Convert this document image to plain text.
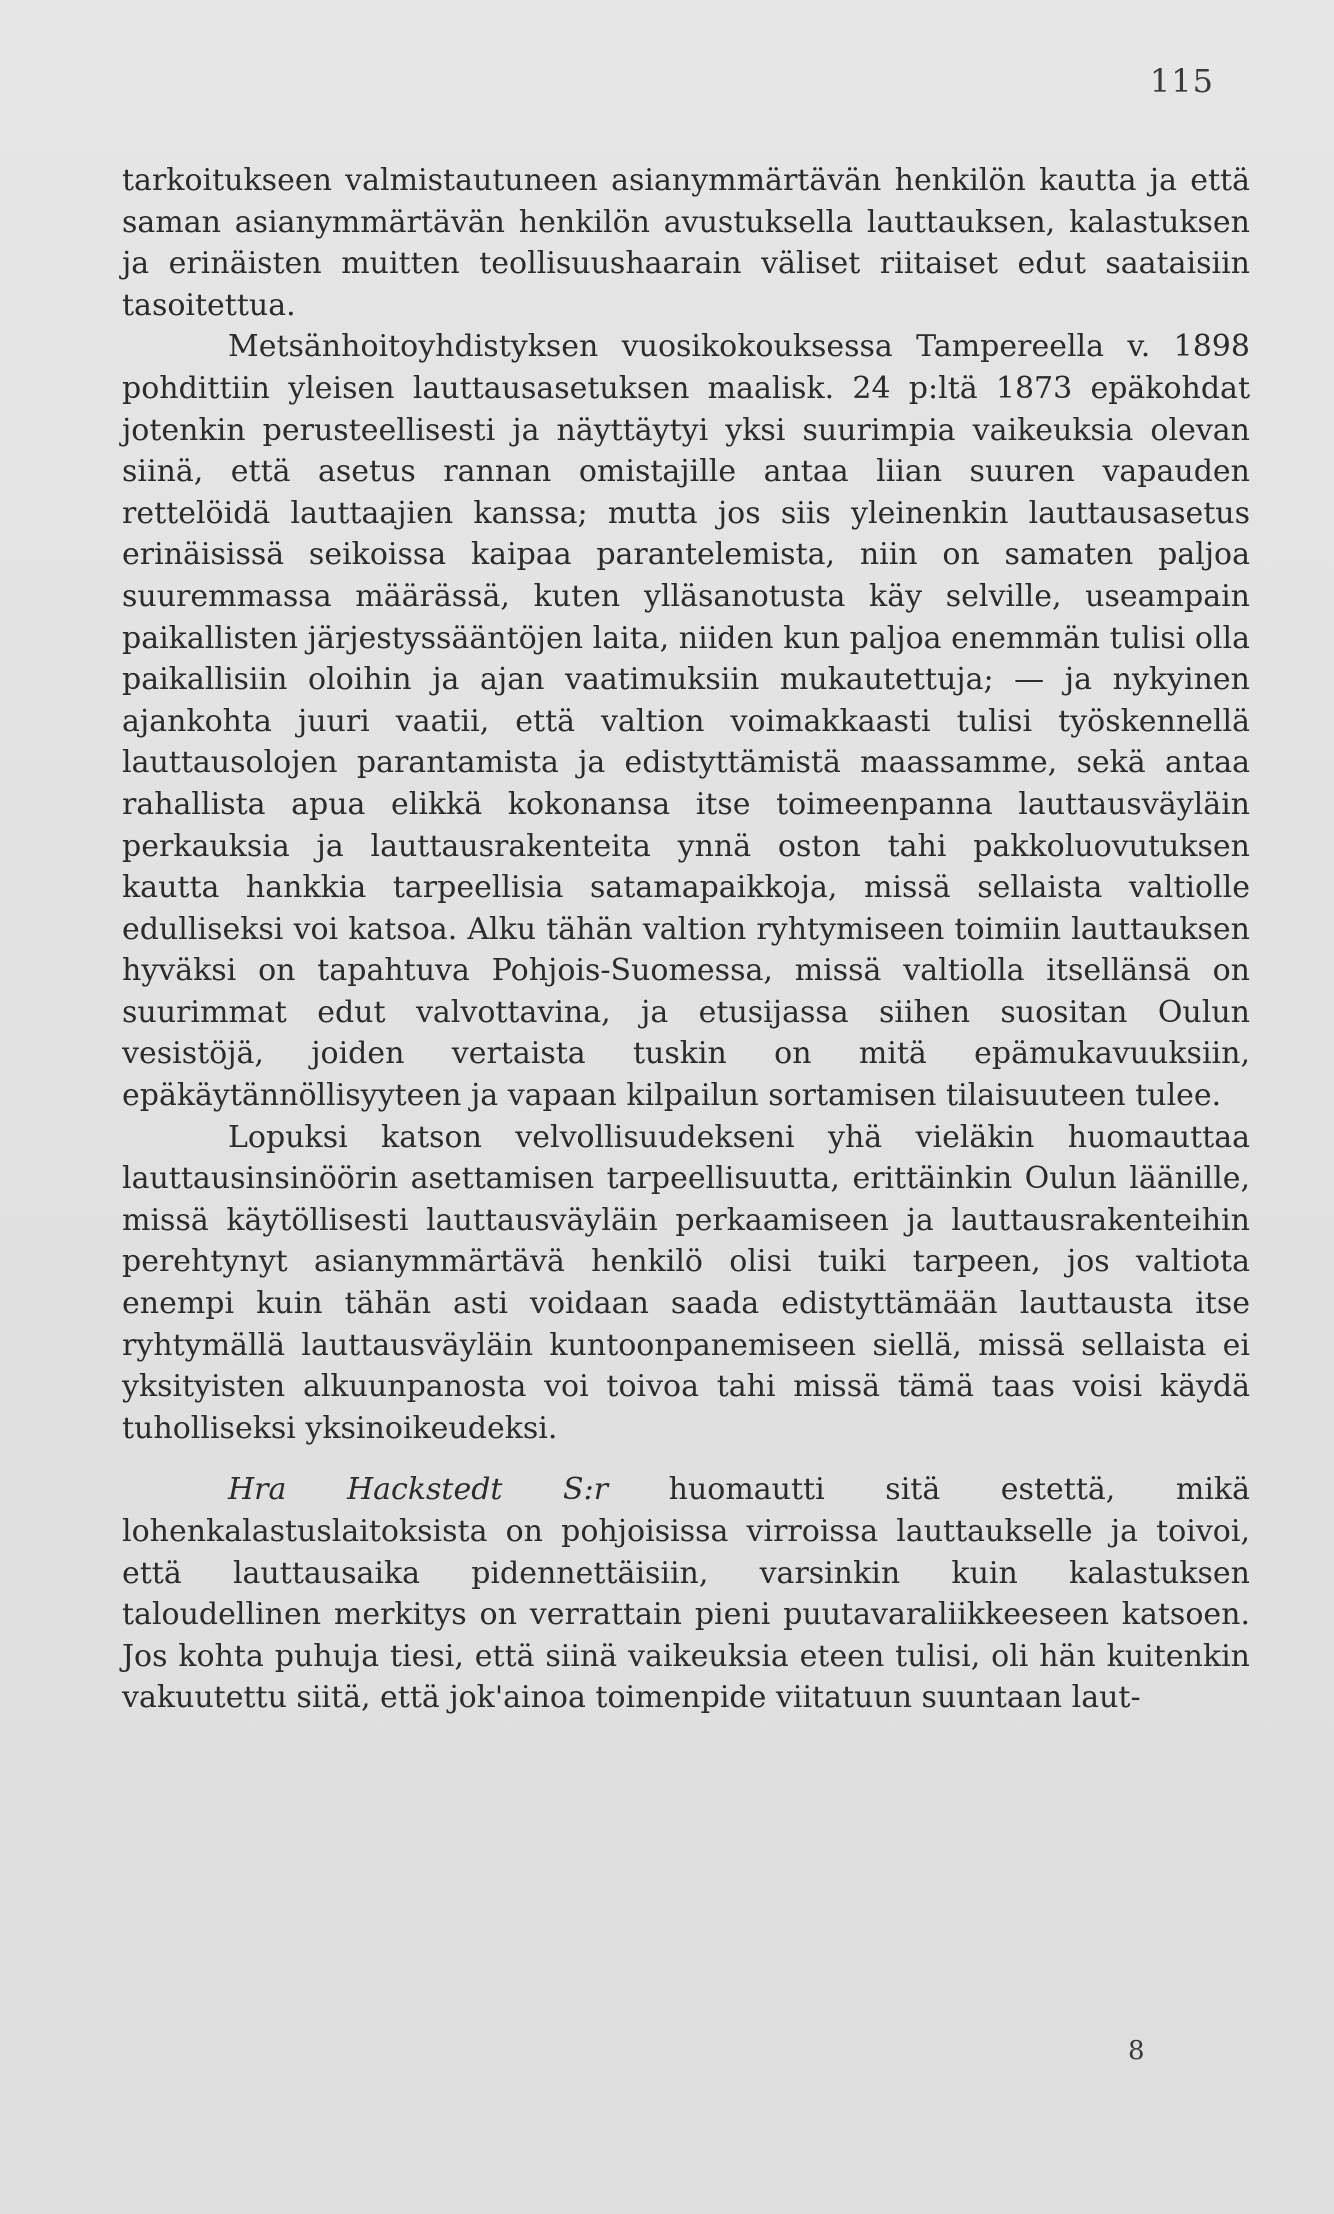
115

tarkoitukseen valmistautuneen asianymmärtävän henkilön kautta ja että saman asianymmärtävän henkilön avustuksella lauttauksen, kalastuksen ja erinäisten muitten teollisuushaarain väliset riitaiset edut saataisiin tasoitettua.

Metsänhoitoyhdistyksen vuosikokouksessa Tampereella v. 1898 pohdittiin yleisen lauttausasetuksen maalisk. 24 p:ltä 1873 epäkohdat jotenkin perusteellisesti ja näyttäytyi yksi suurimpia vaikeuksia olevan siinä, että asetus rannan omistajille antaa liian suuren vapauden rettelöidä lauttaajien kanssa; mutta jos siis yleinenkin lauttausasetus erinäisissä seikoissa kaipaa parantelemista, niin on samaten paljoa suuremmassa määrässä, kuten ylläsanotusta käy selville, useampain paikallisten järjestyssääntöjen laita, niiden kun paljoa enemmän tulisi olla paikallisiin oloihin ja ajan vaatimuksiin mukautettuja; — ja nykyinen ajankohta juuri vaatii, että valtion voimakkaasti tulisi työskennellä lauttausolojen parantamista ja edistyttämistä maassamme, sekä antaa rahallista apua elikkä kokonansa itse toimeenpanna lauttausväyläin perkauksia ja lauttausrakenteita ynnä oston tahi pakkoluovutuksen kautta hankkia tarpeellisia satamapaikkoja, missä sellaista valtiolle edulliseksi voi katsoa. Alku tähän valtion ryhtymiseen toimiin lauttauksen hyväksi on tapahtuva Pohjois-Suomessa, missä valtiolla itsellänsä on suurimmat edut valvottavina, ja etusijassa siihen suositan Oulun vesistöjä, joiden vertaista tuskin on mitä epämukavuuksiin, epäkäytännöllisyyteen ja vapaan kilpailun sortamisen tilaisuuteen tulee.

Lopuksi katson velvollisuudekseni yhä vieläkin huomauttaa lauttausinsinöörin asettamisen tarpeellisuutta, erittäinkin Oulun läänille, missä käytöllisesti lauttausväyläin perkaamiseen ja lauttausrakenteihin perehtynyt asianymmärtävä henkilö olisi tuiki tarpeen, jos valtiota enempi kuin tähän asti voidaan saada edistyttämään lauttausta itse ryhtymällä lauttausväyläin kuntoonpanemiseen siellä, missä sellaista ei yksityisten alkuunpanosta voi toivoa tahi missä tämä taas voisi käydä tuholliseksi yksinoikeudeksi.

Hra Hackstedt S:r huomautti sitä estettä, mikä lohenkalastuslaitoksista on pohjoisissa virroissa lauttaukselle ja toivoi, että lauttausaika pidennettäisiin, varsinkin kuin kalastuksen taloudellinen merkitys on verrattain pieni puutavaraliikkeeseen katsoen. Jos kohta puhuja tiesi, että siinä vaikeuksia eteen tulisi, oli hän kuitenkin vakuutettu siitä, että jok'ainoa toimenpide viitatuun suuntaan laut-

8
